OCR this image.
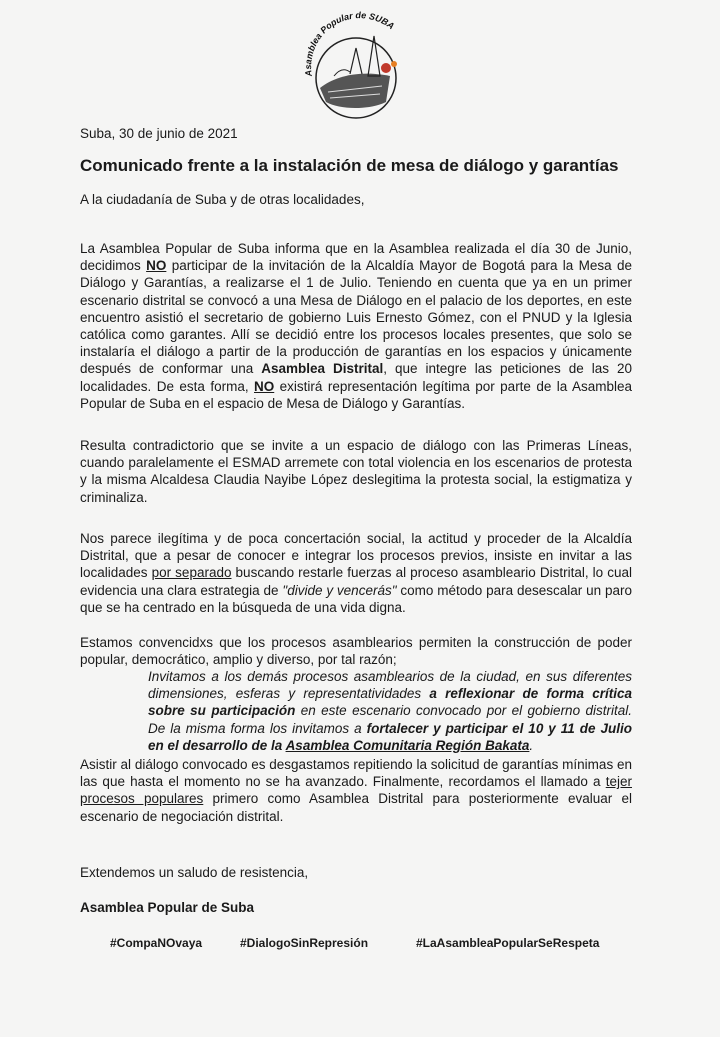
Asamblea Popular de SUBA
Suba, 30 de junio de 2021
Comunicado frente a la instalación de mesa de diálogo y garantías
A la ciudadanía de Suba y de otras localidades,

La Asamblea Popular de Suba informa que en la Asamblea realizada el día 30 de Junio, decidimos NO participar de la invitación de la Alcaldía Mayor de Bogotá para la Mesa de Diálogo y Garantías, a realizarse el 1 de Julio. Teniendo en cuenta que ya en un primer escenario distrital se convocó a una Mesa de Diálogo en el palacio de los deportes, en este encuentro asistió el secretario de gobierno Luis Ernesto Gómez, con el PNUD y la Iglesia católica como garantes. Allí se decidió entre los procesos locales presentes, que solo se instalaría el diálogo a partir de la producción de garantías en los espacios y únicamente después de conformar una Asamblea Distrital, que integre las peticiones de las 20 localidades. De esta forma, NO existirá representación legítima por parte de la Asamblea Popular de Suba en el espacio de Mesa de Diálogo y Garantías.

Resulta contradictorio que se invite a un espacio de diálogo con las Primeras Líneas, cuando paralelamente el ESMAD arremete con total violencia en los escenarios de protesta y la misma Alcaldesa Claudia Nayibe López deslegitima la protesta social, la estigmatiza y criminaliza.

Nos parece ilegítima y de poca concertación social, la actitud y proceder de la Alcaldía Distrital, que a pesar de conocer e integrar los procesos previos, insiste en invitar a las localidades por separado buscando restarle fuerzas al proceso asambleario Distrital, lo cual evidencia una clara estrategia de "divide y vencerás" como método para desescalar un paro que se ha centrado en la búsqueda de una vida digna.

Estamos convencidxs que los procesos asamblearios permiten la construcción de poder popular, democrático, amplio y diverso, por tal razón;

Invitamos a los demás procesos asamblearios de la ciudad, en sus diferentes dimensiones, esferas y representatividades a reflexionar de forma crítica sobre su participación en este escenario convocado por el gobierno distrital. De la misma forma los invitamos a fortalecer y participar el 10 y 11 de Julio en el desarrollo de la Asamblea Comunitaria Región Bakata.

Asistir al diálogo convocado es desgastamos repitiendo la solicitud de garantías mínimas en las que hasta el momento no se ha avanzado. Finalmente, recordamos el llamado a tejer procesos populares primero como Asamblea Distrital para posteriormente evaluar el escenario de negociación distrital.

Extendemos un saludo de resistencia,
Asamblea Popular de Suba
#CompaNOvaya	#DialogoSinRepresión	#LaAsambleaPopularSeRespeta
